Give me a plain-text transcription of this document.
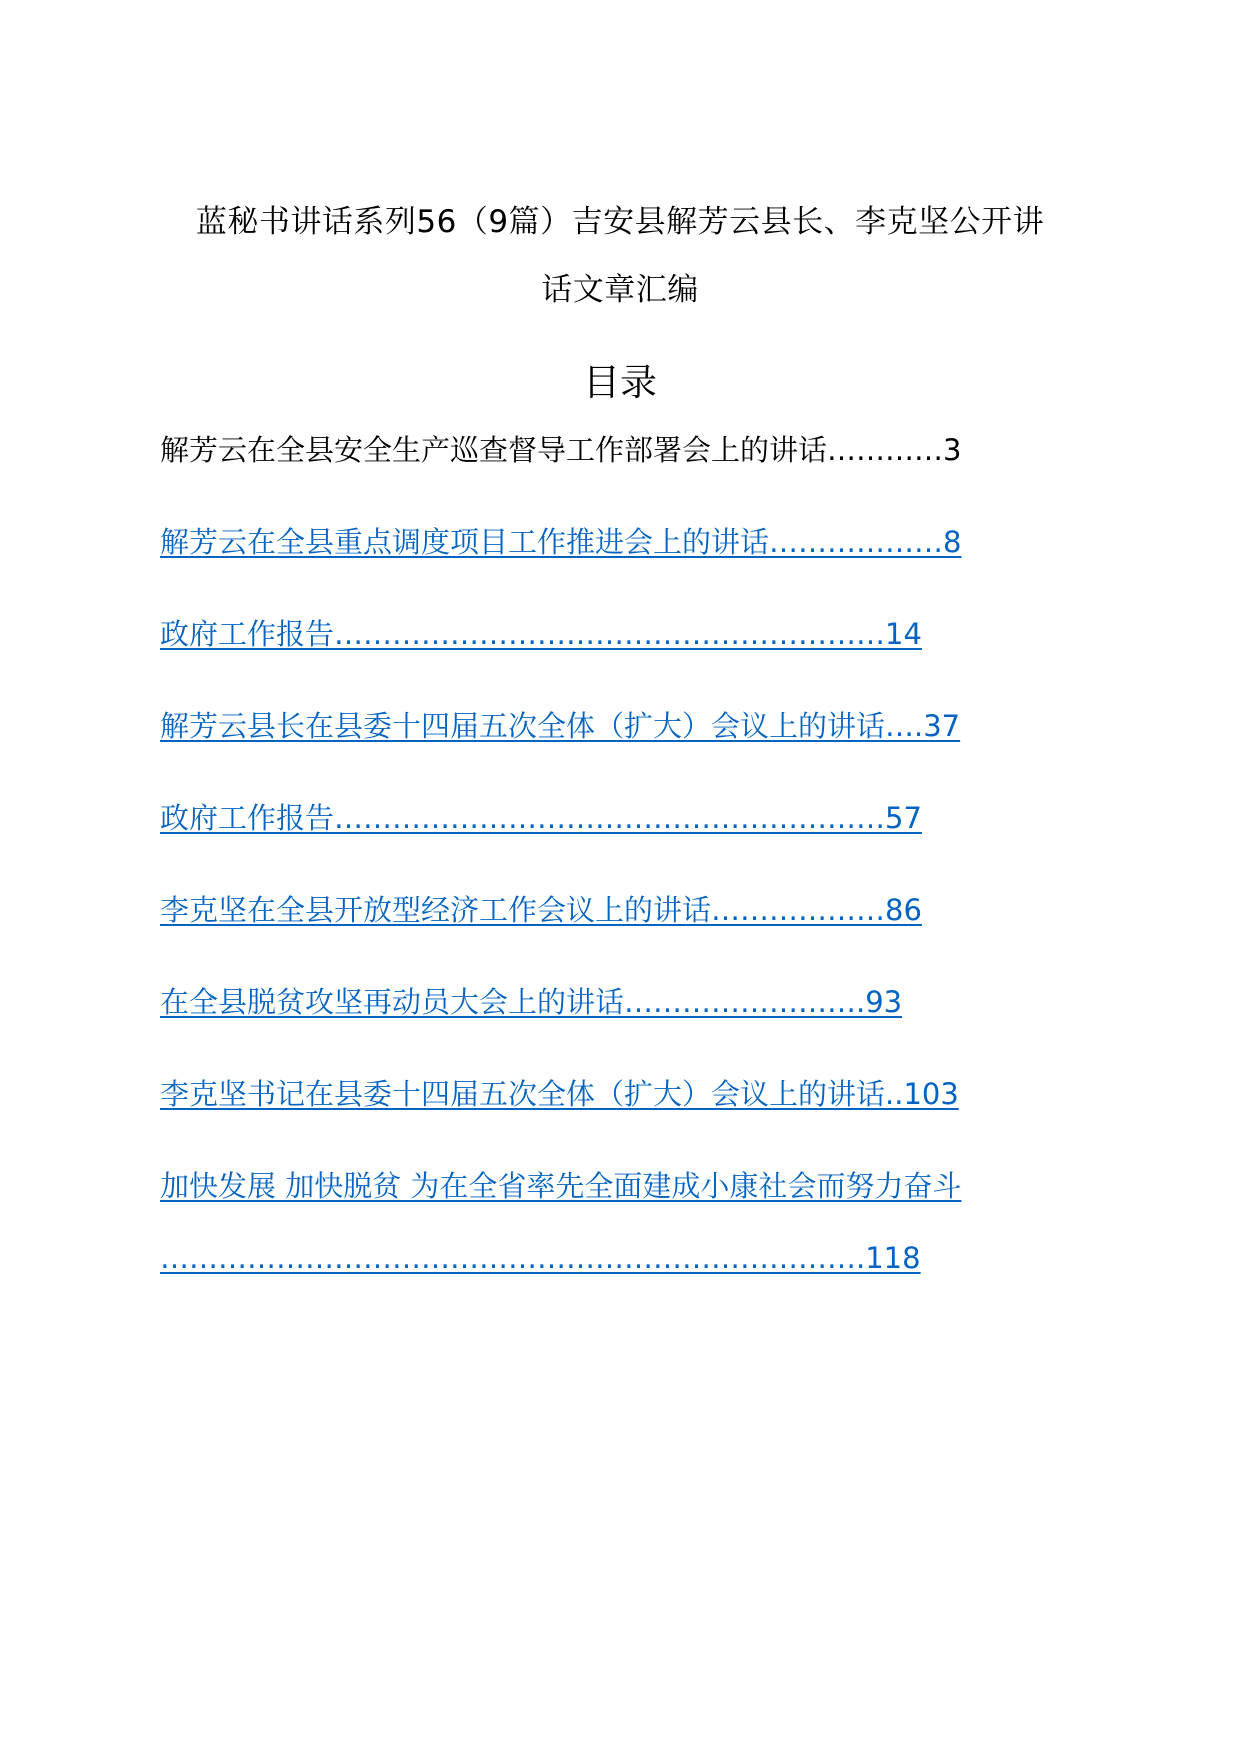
蓝秘书讲话系列56（9篇）吉安县解芳云县长、李克坚公开讲
话文章汇编
目录
解芳云在全县安全生产巡查督导工作部署会上的讲话…………3
解芳云在全县重点调度项目工作推进会上的讲话………………8
政府工作报告…………………………………………………14
解芳云县长在县委十四届五次全体（扩大）会议上的讲话….37
政府工作报告…………………………………………………57
李克坚在全县开放型经济工作会议上的讲话………………86
在全县脱贫攻坚再动员大会上的讲话…………………….93
李克坚书记在县委十四届五次全体（扩大）会议上的讲话..103
加快发展 加快脱贫 为在全省率先全面建成小康社会而努力奋斗
……………………………………………………………….118
